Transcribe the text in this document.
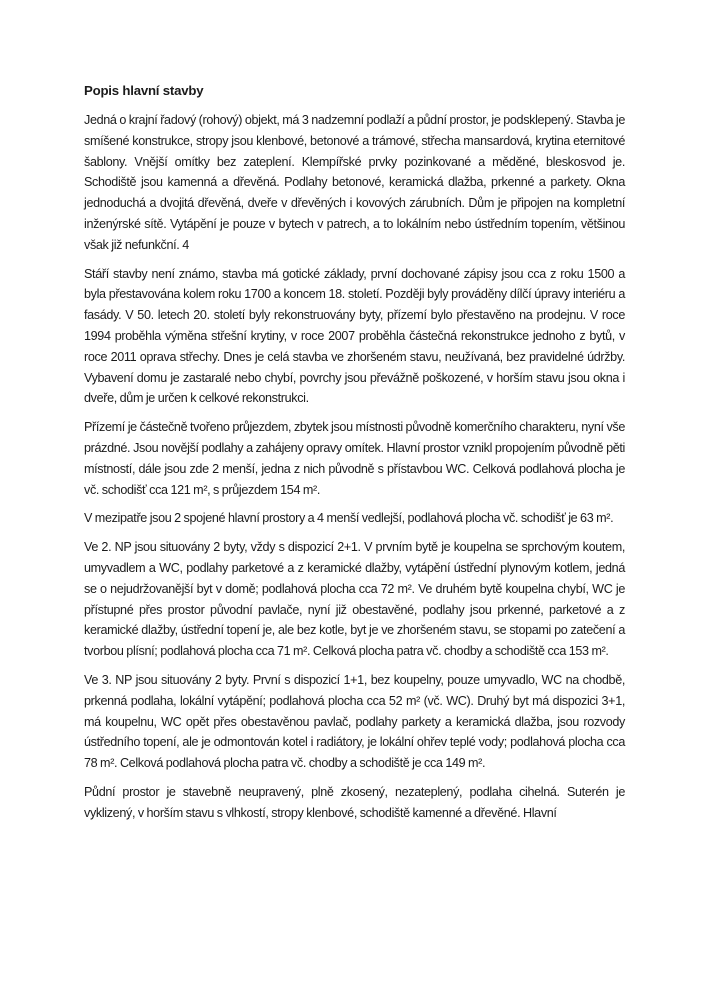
Popis hlavní stavby

Jedná o krajní řadový (rohový) objekt, má 3 nadzemní podlaží a půdní prostor, je podsklepený. Stavba je smíšené konstrukce, stropy jsou klenbové, betonové a trámové, střecha mansardová, krytina eternitové šablony. Vnější omítky bez zateplení. Klempířské prvky pozinkované a měděné, bleskosvod je. Schodiště jsou kamenná a dřevěná. Podlahy betonové, keramická dlažba, prkenné a parkety. Okna jednoduchá a dvojitá dřevěná, dveře v dřevěných i kovových zárubních. Dům je připojen na kompletní inženýrské sítě. Vytápění je pouze v bytech v patrech, a to lokálním nebo ústředním topením, většinou však již nefunkční. 4

Stáří stavby není známo, stavba má gotické základy, první dochované zápisy jsou cca z roku 1500 a byla přestavována kolem roku 1700 a koncem 18. století. Později byly prováděny dílčí úpravy interiéru a fasády. V 50. letech 20. století byly rekonstruovány byty, přízemí bylo přestavěno na prodejnu. V roce 1994 proběhla výměna střešní krytiny, v roce 2007 proběhla částečná rekonstrukce jednoho z bytů, v roce 2011 oprava střechy. Dnes je celá stavba ve zhoršeném stavu, neužívaná, bez pravidelné údržby. Vybavení domu je zastaralé nebo chybí, povrchy jsou převážně poškozené, v horším stavu jsou okna i dveře, dům je určen k celkové rekonstrukci.

Přízemí je částečně tvořeno průjezdem, zbytek jsou místnosti původně komerčního charakteru, nyní vše prázdné. Jsou novější podlahy a zahájeny opravy omítek. Hlavní prostor vznikl propojením původně pěti místností, dále jsou zde 2 menší, jedna z nich původně s přístavbou WC. Celková podlahová plocha je vč. schodišť cca 121 m², s průjezdem 154 m².

V mezipatře jsou 2 spojené hlavní prostory a 4 menší vedlejší, podlahová plocha vč. schodišť je 63 m².

Ve 2. NP jsou situovány 2 byty, vždy s dispozicí 2+1. V prvním bytě je koupelna se sprchovým koutem, umyvadlem a WC, podlahy parketové a z keramické dlažby, vytápění ústřední plynovým kotlem, jedná se o nejudržovanější byt v domě; podlahová plocha cca 72 m². Ve druhém bytě koupelna chybí, WC je přístupné přes prostor původní pavlače, nyní již obestavěné, podlahy jsou prkenné, parketové a z keramické dlažby, ústřední topení je, ale bez kotle, byt je ve zhoršeném stavu, se stopami po zatečení a tvorbou plísní; podlahová plocha cca 71 m². Celková plocha patra vč. chodby a schodiště cca 153 m².

Ve 3. NP jsou situovány 2 byty. První s dispozicí 1+1, bez koupelny, pouze umyvadlo, WC na chodbě, prkenná podlaha, lokální vytápění; podlahová plocha cca 52 m² (vč. WC). Druhý byt má dispozici 3+1, má koupelnu, WC opět přes obestavěnou pavlač, podlahy parkety a keramická dlažba, jsou rozvody ústředního topení, ale je odmontován kotel i radiátory, je lokální ohřev teplé vody; podlahová plocha cca 78 m². Celková podlahová plocha patra vč. chodby a schodiště je cca 149 m².

Půdní prostor je stavebně neupravený, plně zkosený, nezateplený, podlaha cihelná. Suterén je vyklizený, v horším stavu s vlhkostí, stropy klenbové, schodiště kamenné a dřevěné. Hlavní
